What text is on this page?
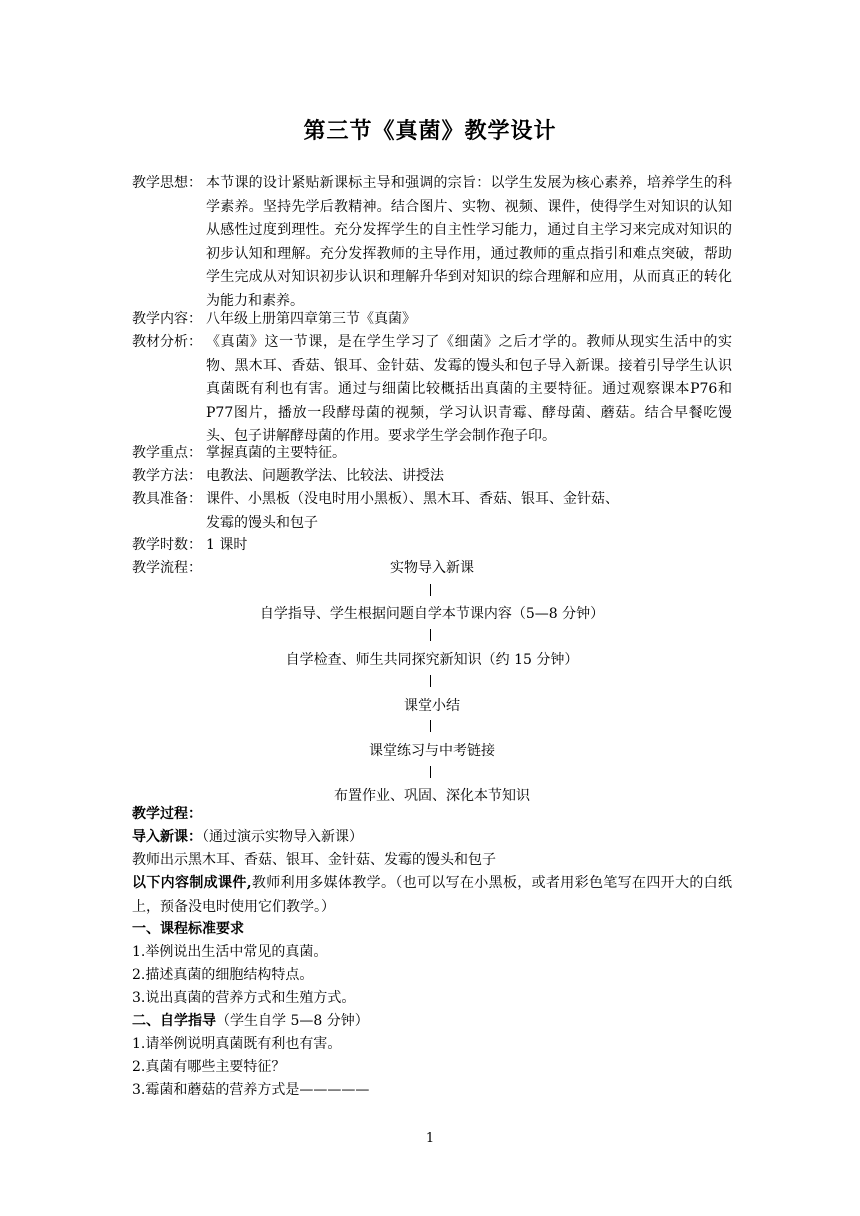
第三节《真菌》教学设计
教学思想： 本节课的设计紧贴新课标主导和强调的宗旨：以学生发展为核心素养，培养学生的科学素养。坚持先学后教精神。结合图片、实物、视频、课件，使得学生对知识的认知从感性过度到理性。充分发挥学生的自主性学习能力，通过自主学习来完成对知识的初步认知和理解。充分发挥教师的主导作用，通过教师的重点指引和难点突破，帮助学生完成从对知识初步认识和理解升华到对知识的综合理解和应用，从而真正的转化为能力和素养。
教学内容： 八年级上册第四章第三节《真菌》
教材分析： 《真菌》这一节课，是在学生学习了《细菌》之后才学的。教师从现实生活中的实物、黑木耳、香菇、银耳、金针菇、发霉的馒头和包子导入新课。接着引导学生认识真菌既有利也有害。通过与细菌比较概括出真菌的主要特征。通过观察课本P76和P77图片，播放一段酵母菌的视频，学习认识青霉、酵母菌、蘑菇。结合早餐吃馒头、包子讲解酵母菌的作用。要求学生学会制作孢子印。
教学重点： 掌握真菌的主要特征。
教学方法： 电教法、问题教学法、比较法、讲授法
教具准备： 课件、小黑板（没电时用小黑板）、黑木耳、香菇、银耳、金针菇、
发霉的馒头和包子
教学时数： 1 课时
教学流程：	实物导入新课
自学指导、学生根据问题自学本节课内容（5—8 分钟）
自学检查、师生共同探究新知识（约 15 分钟）
课堂小结
课堂练习与中考链接
布置作业、巩固、深化本节知识
教学过程：
导入新课：（通过演示实物导入新课）
教师出示黑木耳、香菇、银耳、金针菇、发霉的馒头和包子
以下内容制成课件,教师利用多媒体教学。（也可以写在小黑板，或者用彩色笔写在四开大的白纸上，预备没电时使用它们教学。）
一、课程标准要求
1.举例说出生活中常见的真菌。
2.描述真菌的细胞结构特点。
3.说出真菌的营养方式和生殖方式。
二、自学指导（学生自学 5—8 分钟）
1.请举例说明真菌既有利也有害。
2.真菌有哪些主要特征？
3.霉菌和蘑菇的营养方式是—————
1
